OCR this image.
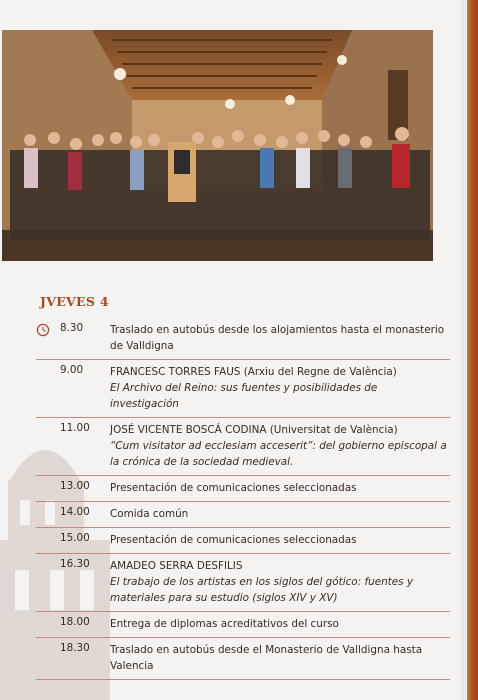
JVEVES 4
8.30	Traslado en autobús desde los alojamientos hasta el monasterio
de Valldigna
9.00	FRANCESC TORRES FAUS (Arxiu del Regne de València)
El Archivo del Reino: sus fuentes y posibilidades de investigación
11.00	JOSÉ VICENTE BOSCÁ CODINA (Universitat de València)
“Cum visitator ad ecclesiam acceserit”: del gobierno episcopal a
la crónica de la sociedad medieval.
13.00	Presentación de comunicaciones seleccionadas
14.00	Comida común
15.00	Presentación de comunicaciones seleccionadas
16.30	AMADEO SERRA DESFILIS
El trabajo de los artistas en los siglos del gótico: fuentes y
materiales para su estudio (siglos XIV y XV)
18.00	Entrega de diplomas acreditativos del curso
18.30	Traslado en autobús desde el Monasterio de Valldigna hasta Valencia
